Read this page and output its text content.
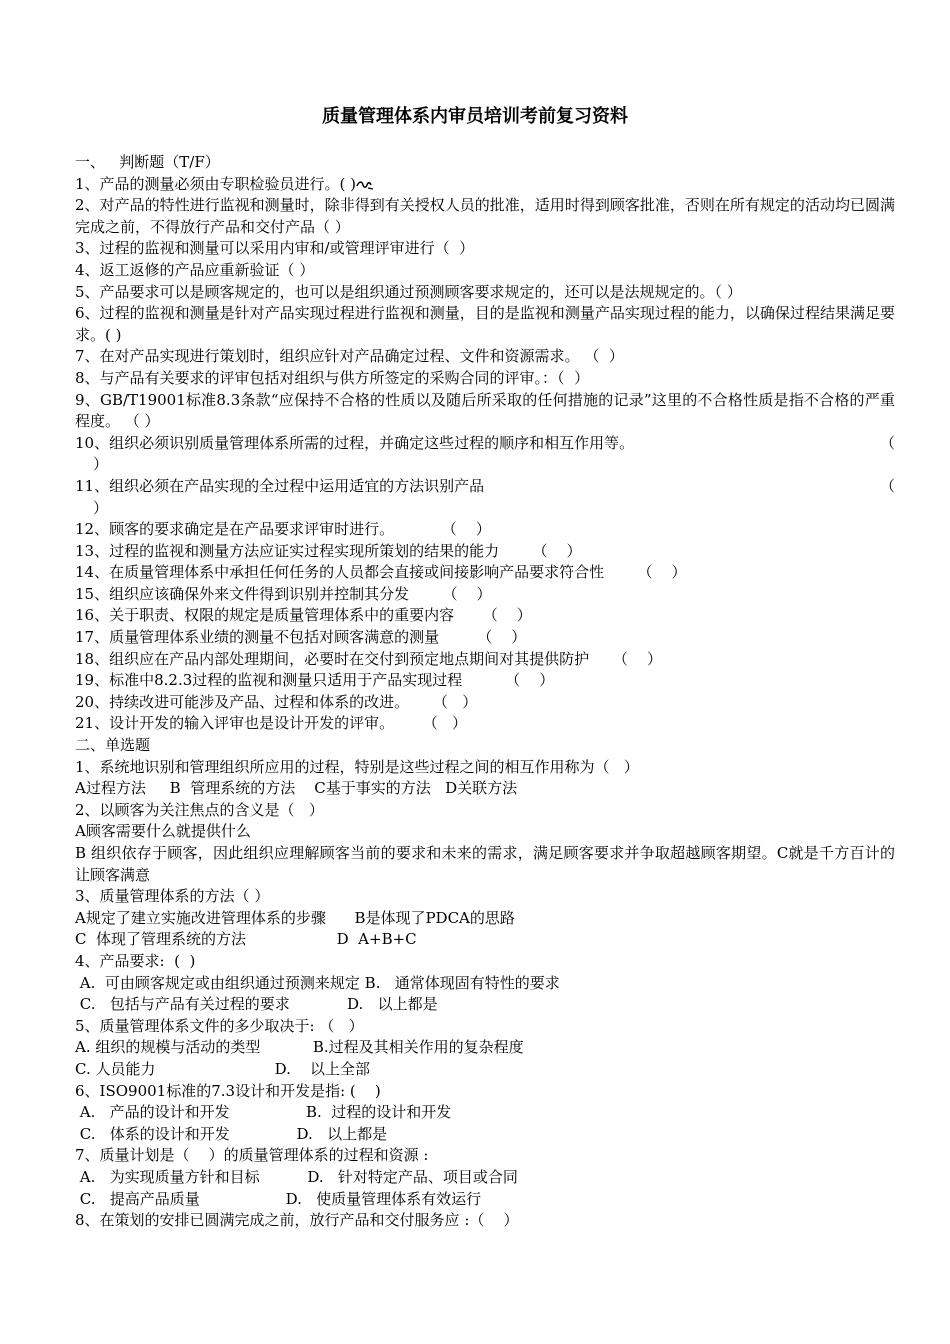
质量管理体系内审员培训考前复习资料
一、   判断题（T/F）
1、产品的测量必须由专职检验员进行。( )
2、对产品的特性进行监视和测量时，除非得到有关授权人员的批准，适用时得到顾客批准，否则在所有规定的活动均已圆满完成之前，不得放行产品和交付产品（ ）
3、过程的监视和测量可以采用内审和/或管理评审进行（  ）
4、返工返修的产品应重新验证（ ）
5、产品要求可以是顾客规定的，也可以是组织通过预测顾客要求规定的，还可以是法规规定的。（ ）
6、过程的监视和测量是针对产品实现过程进行监视和测量，目的是监视和测量产品实现过程的能力，以确保过程结果满足要求。( )
7、在对产品实现进行策划时，组织应针对产品确定过程、文件和资源需求。 （  ）
8、与产品有关要求的评审包括对组织与供方所签定的采购合同的评审。：（  ）
9、GB/T19001标准8.3条款“应保持不合格的性质以及随后所采取的任何措施的记录”这里的不合格性质是指不合格的严重程度。 （ ）
10、组织必须识别质量管理体系所需的过程，并确定这些过程的顺序和相互作用等。	（
）
11、组织必须在产品实现的全过程中运用适宜的方法识别产品	（
）
12、顾客的要求确定是在产品要求评审时进行。          （    ）
13、过程的监视和测量方法应证实过程实现所策划的结果的能力       （    ）
14、在质量管理体系中承担任何任务的人员都会直接或间接影响产品要求符合性       （    ）
15、组织应该确保外来文件得到识别并控制其分发       （    ）
16、关于职责、权限的规定是质量管理体系中的重要内容      （    ）
17、质量管理体系业绩的测量不包括对顾客满意的测量        （    ）
18、组织应在产品内部处理期间，必要时在交付到预定地点期间对其提供防护     （    ）
19、标准中8.2.3过程的监视和测量只适用于产品实现过程         （    ）
20、持续改进可能涉及产品、过程和体系的改进。     （   ）
21、设计开发的输入评审也是设计开发的评审。      （   ）
二、单选题
1、系统地识别和管理组织所应用的过程，特别是这些过程之间的相互作用称为（   ）
A过程方法     B  管理系统的方法    C基于事实的方法   D关联方法
2、以顾客为关注焦点的含义是（   ）
A顾客需要什么就提供什么
B 组织依存于顾客，因此组织应理解顾客当前的要求和未来的需求，满足顾客要求并争取超越顾客期望。C就是千方百计的让顾客满意
3、质量管理体系的方法（ ）
A规定了建立实施改进管理体系的步骤      B是体现了PDCA的思路
C  体现了管理系统的方法                   D  A+B+C
4、产品要求:  (  )
A.  可由顾客规定或由组织通过预测来规定 B.   通常体现固有特性的要求
C.   包括与产品有关过程的要求            D.   以上都是
5、质量管理体系文件的多少取决于: （   ）
A. 组织的规模与活动的类型           B.过程及其相关作用的复杂程度
C. 人员能力                         D.    以上全部
6、ISO9001标准的7.3设计和开发是指: (    )
A.   产品的设计和开发                B.  过程的设计和开发
C.   体系的设计和开发              D.   以上都是
7、质量计划是（    ）的质量管理体系的过程和资源 :
A.   为实现质量方针和目标          D.   针对特定产品、项目或合同
C.   提高产品质量                  D.   使质量管理体系有效运行
8、在策划的安排已圆满完成之前，放行产品和交付服务应 :（    ）
